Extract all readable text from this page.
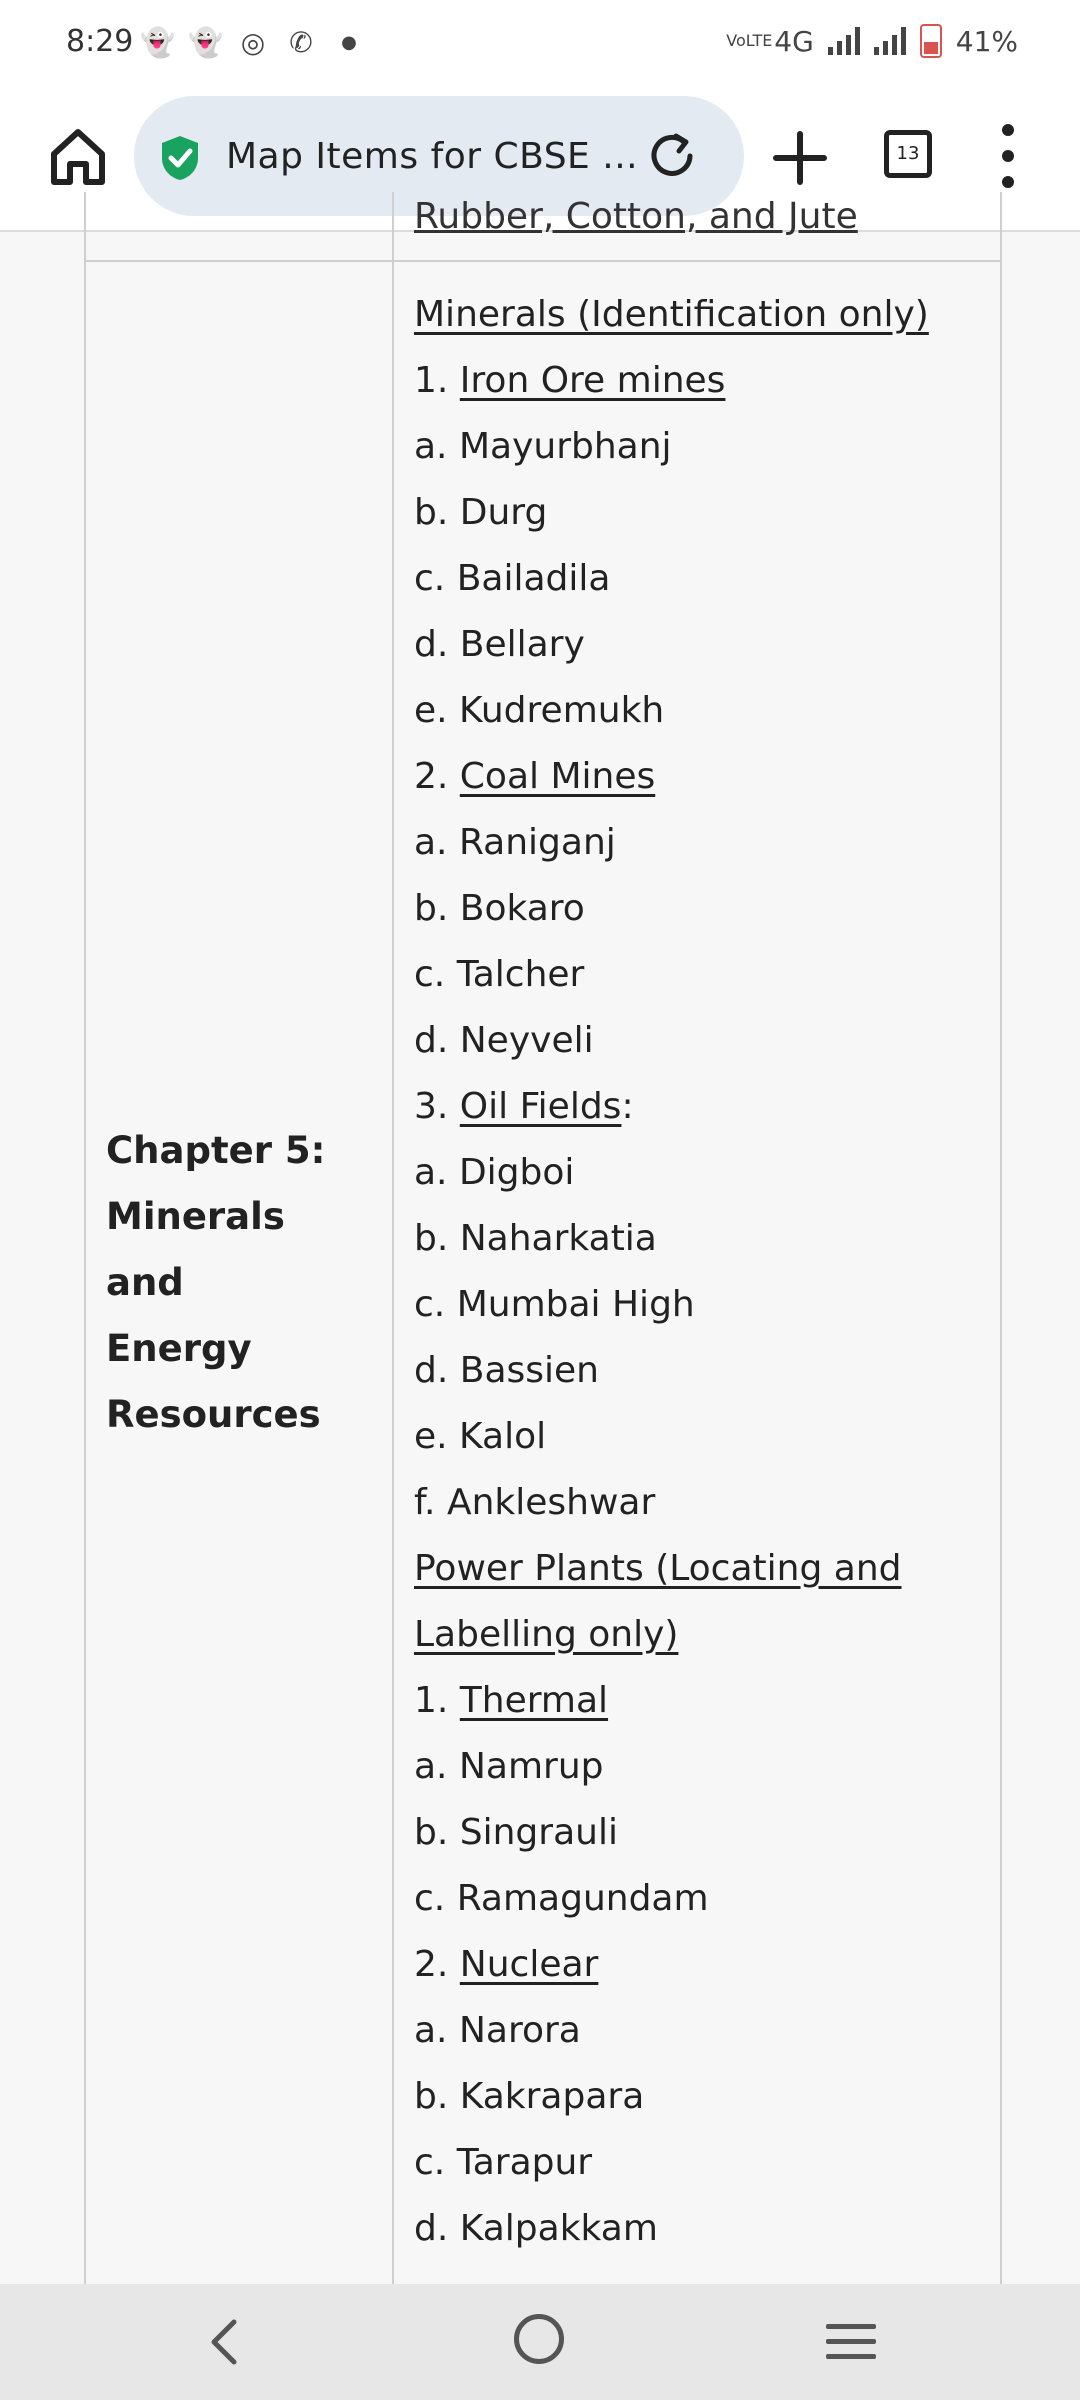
8:29 👻 👻 ◎ ✆	●	VoLTE 4G	41%
Map Items for CBSE ...	13
Rubber, Cotton, and Jute
Chapter 5:
Minerals and
Energy
Resources
Minerals (Identification only)
1. Iron Ore mines
a. Mayurbhanj
b. Durg
c. Bailadila
d. Bellary
e. Kudremukh
2. Coal Mines
a. Raniganj
b. Bokaro
c. Talcher
d. Neyveli
3. Oil Fields:
a. Digboi
b. Naharkatia
c. Mumbai High
d. Bassien
e. Kalol
f. Ankleshwar
Power Plants (Locating and
Labelling only)
1. Thermal
a. Namrup
b. Singrauli
c. Ramagundam
2. Nuclear
a. Narora
b. Kakrapara
c. Tarapur
d. Kalpakkam
